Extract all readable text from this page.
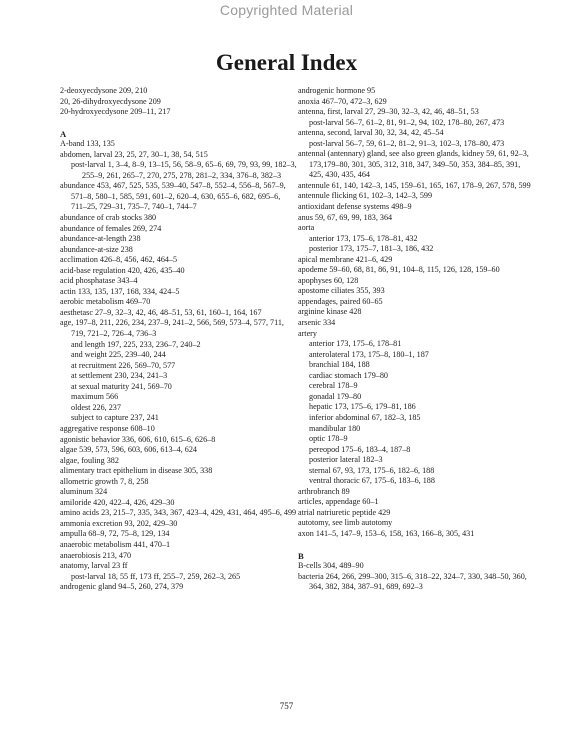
Copyrighted Material
General Index

2-deoxyecdysone 209, 210

20, 26-dihydroxyecdysone 209

20-hydroxyecdysone 209–11, 217

A

A-band 133, 135

abdomen, larval 23, 25, 27, 30–1, 38, 54, 515

post-larval 1, 3–4, 8–9, 13–15, 56, 58–9, 65–6, 69, 79, 93, 99, 182–3, 255–9, 261, 265–7, 270, 275, 278, 281–2, 334, 376–8, 382–3

abundance 453, 467, 525, 535, 539–40, 547–8, 552–4, 556–8, 567–9, 571–8, 580–1, 585, 591, 601–2, 620–4, 630, 655–6, 682, 695–6, 711–25, 729–31, 735–7, 740–1, 744–7

abundance of crab stocks 380

abundance of females 269, 274

abundance-at-length 238

abundance-at-size 238

acclimation 426–8, 456, 462, 464–5

acid-base regulation 420, 426, 435–40

acid phosphatase 343–4

actin 133, 135, 137, 168, 334, 424–5

aerobic metabolism 469–70

aesthetasc 27–9, 32–3, 42, 46, 48–51, 53, 61, 160–1, 164, 167

age, 197–8, 211, 226, 234, 237–9, 241–2, 566, 569, 573–4, 577, 711, 719, 721–2, 726–4, 736–3

and length 197, 225, 233, 236–7, 240–2

and weight 225, 239–40, 244

at recruitment 226, 569–70, 577

at settlement 230, 234, 241–3

at sexual maturity 241, 569–70

maximum 566

oldest 226, 237

subject to capture 237, 241

aggregative response 608–10

agonistic behavior 336, 606, 610, 615–6, 626–8

algae 539, 573, 596, 603, 606, 613–4, 624

algae, fouling 382

alimentary tract epithelium in disease 305, 338

allometric growth 7, 8, 258

aluminum 324

amiloride 420, 422–4, 426, 429–30

amino acids 23, 215–7, 335, 343, 367, 423–4, 429, 431, 464, 495–6, 499

ammonia excretion 93, 202, 429–30

ampulla 68–9, 72, 75–8, 129, 134

anaerobic metabolism 441, 470–1

anaerobiosis 213, 470

anatomy, larval 23 ff

post-larval 18, 55 ff, 173 ff, 255–7, 259, 262–3, 265

androgenic gland 94–5, 260, 274, 379

androgenic hormone 95

anoxia 467–70, 472–3, 629

antenna, first, larval 27, 29–30, 32–3, 42, 46, 48–51, 53

post-larval 56–7, 61–2, 81, 91–2, 94, 102, 178–80, 267, 473

antenna, second, larval 30, 32, 34, 42, 45–54

post-larval 56–7, 59, 61–2, 81–2, 91–3, 102–3, 178–80, 473

antennal (antennary) gland, see also green glands, kidney 59, 61, 92–3, 173,179–80, 301, 305, 312, 318, 347, 349–50, 353, 384–85, 391, 425, 430, 435, 464

antennule 61, 140, 142–3, 145, 159–61, 165, 167, 178–9, 267, 578, 599

antennule flicking 61, 102–3, 142–3, 599

antioxidant defense systems 498–9

anus 59, 67, 69, 99, 183, 364

aorta

anterior 173, 175–6, 178–81, 432

posterior 173, 175–7, 181–3, 186, 432

apical membrane 421–6, 429

apodeme 59–60, 68, 81, 86, 91, 104–8, 115, 126, 128, 159–60

apophyses 60, 128

apostome ciliates 355, 393

appendages, paired 60–65

arginine kinase 428

arsenic 334

artery

anterior 173, 175–6, 178–81

anterolateral 173, 175–8, 180–1, 187

branchial 184, 188

cardiac stomach 179–80

cerebral 178–9

gonadal 179–80

hepatic 173, 175–6, 179–81, 186

inferior abdominal 67, 182–3, 185

mandibular 180

optic 178–9

pereopod 175–6, 183–4, 187–8

posterior lateral 182–3

sternal 67, 93, 173, 175–6, 182–6, 188

ventral thoracic 67, 175–6, 183–6, 188

arthrobranch 89

articles, appendage 60–1

atrial natriuretic peptide 429

autotomy, see limb autotomy

axon 141–5, 147–9, 153–6, 158, 163, 166–8, 305, 431

B

B-cells 304, 489–90

bacteria 264, 266, 299–300, 315–6, 318–22, 324–7, 330, 348–50, 360, 364, 382, 384, 387–91, 689, 692–3

757
